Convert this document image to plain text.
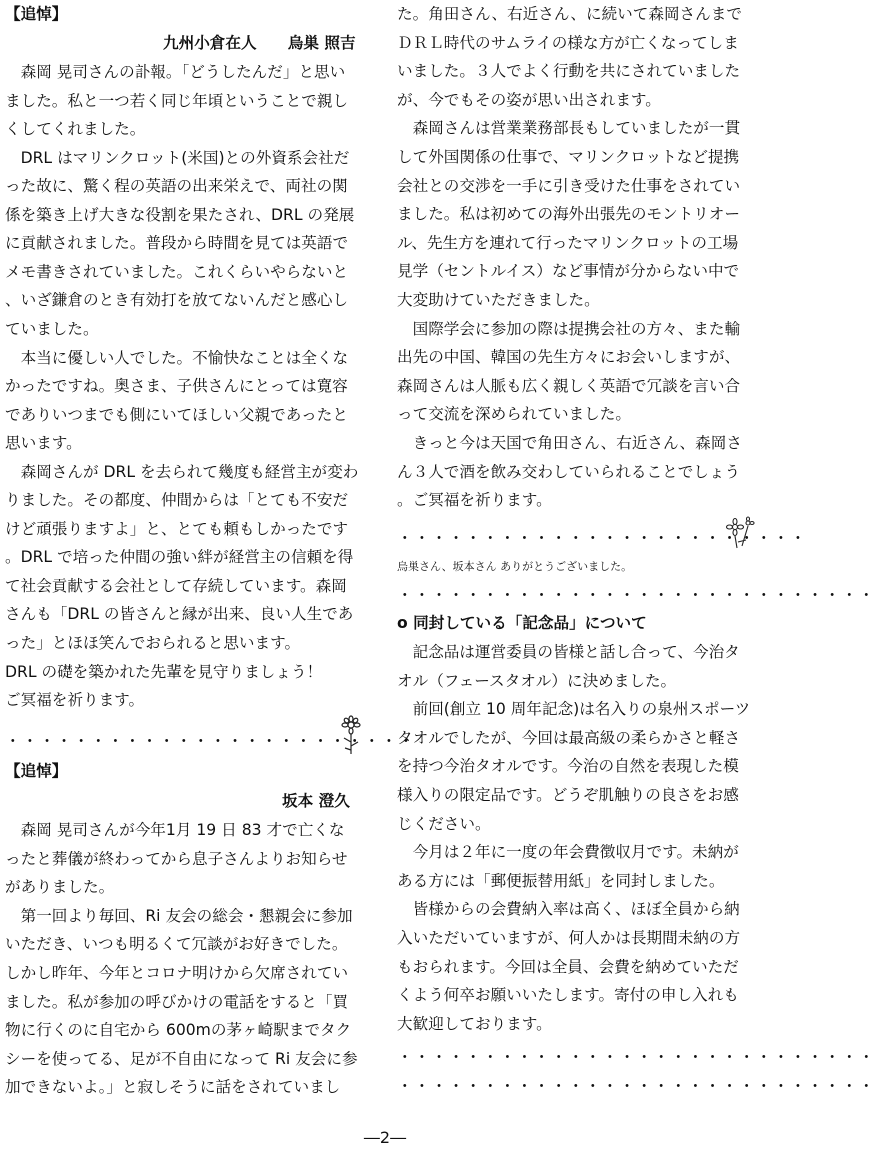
【追悼】
九州小倉在人　　烏巣 照吉
　森岡 晃司さんの訃報。「どうしたんだ」と思い
ました。私と一つ若く同じ年頃ということで親し
くしてくれました。
　DRL はマリンクロット(米国)との外資系会社だ
った故に、驚く程の英語の出来栄えで、両社の関
係を築き上げ大きな役割を果たされ、DRL の発展
に貢献されました。普段から時間を見ては英語で
メモ書きされていました。これくらいやらないと
、いざ鎌倉のとき有効打を放てないんだと感心し
ていました。
　本当に優しい人でした。不愉快なことは全くな
かったですね。奥さま、子供さんにとっては寛容
でありいつまでも側にいてほしい父親であったと
思います。
　森岡さんが DRL を去られて幾度も経営主が変わ
りました。その都度、仲間からは「とても不安だ
けど頑張りますよ」と、とても頼もしかったです
。DRL で培った仲間の強い絆が経営主の信頼を得
て社会貢献する会社として存続しています。森岡
さんも「DRL の皆さんと縁が出来、良い人生であ
った」とほほ笑んでおられると思います。
DRL の礎を築かれた先輩を見守りましょう！
ご冥福を祈ります。
・・・・・・・・・・・・・・・・・・・・・・・・
【追悼】
坂本 澄久
　森岡 晃司さんが今年1月 19 日 83 才で亡くな
ったと葬儀が終わってから息子さんよりお知らせ
がありました。
　第一回より毎回、Ri 友会の総会・懇親会に参加
いただき、いつも明るくて冗談がお好きでした。
しかし昨年、今年とコロナ明けから欠席されてい
ました。私が参加の呼びかけの電話をすると「買
物に行くのに自宅から 600mの茅ヶ崎駅までタク
シーを使ってる、足が不自由になって Ri 友会に参
加できないよ。」と寂しそうに話をされていまし
た。角田さん、右近さん、に続いて森岡さんまで
ＤＲＬ時代のサムライの様な方が亡くなってしま
いました。３人でよく行動を共にされていました
が、今でもその姿が思い出されます。
　森岡さんは営業業務部長もしていましたが一貫
して外国関係の仕事で、マリンクロットなど提携
会社との交渉を一手に引き受けた仕事をされてい
ました。私は初めての海外出張先のモントリオー
ル、先生方を連れて行ったマリンクロットの工場
見学（セントルイス）など事情が分からない中で
大変助けていただきました。
　国際学会に参加の際は提携会社の方々、また輸
出先の中国、韓国の先生方々にお会いしますが、
森岡さんは人脈も広く親しく英語で冗談を言い合
って交流を深められていました。
　きっと今は天国で角田さん、右近さん、森岡さ
ん３人で酒を飲み交わしていられることでしょう
。ご冥福を祈ります。
・・・・・・・・・・・・・・・・・・・・・・・・
烏巣さん、坂本さん ありがとうございました。
・・・・・・・・・・・・・・・・・・・・・・・・・・・・
o 同封している「記念品」について
　記念品は運営委員の皆様と話し合って、今治タ
オル（フェースタオル）に決めました。
　前回(創立 10 周年記念)は名入りの泉州スポーツ
タオルでしたが、今回は最高級の柔らかさと軽さ
を持つ今治タオルです。今治の自然を表現した模
様入りの限定品です。どうぞ肌触りの良さをお感
じください。
　今月は２年に一度の年会費徴収月です。未納が
ある方には「郵便振替用紙」を同封しました。
　皆様からの会費納入率は高く、ほぼ全員から納
入いただいていますが、何人かは長期間未納の方
もおられます。今回は全員、会費を納めていただ
くよう何卒お願いいたします。寄付の申し入れも
大歓迎しております。
・・・・・・・・・・・・・・・・・・・・・・・・・・・・
・・・・・・・・・・・・・・・・・・・・・・・・・・・・
―2―
